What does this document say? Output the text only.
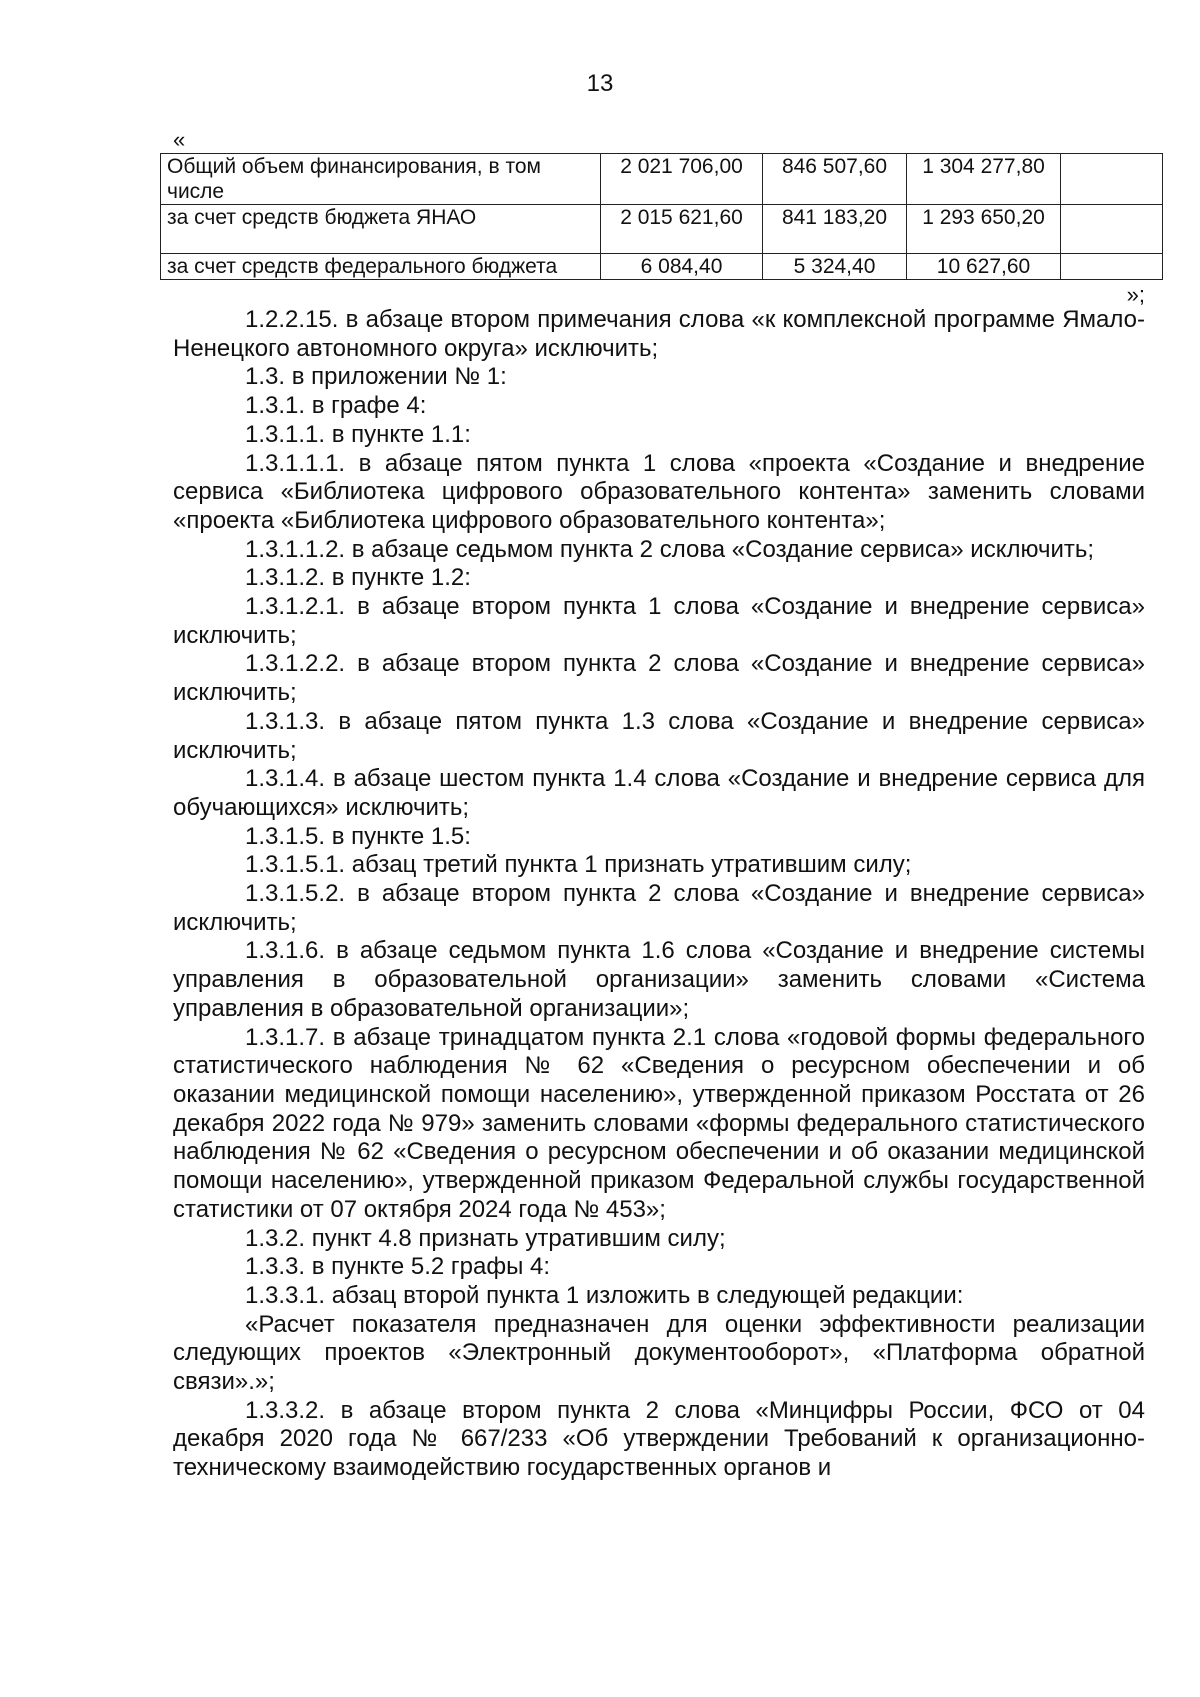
13
«
Общий объем финансирования, в том числе	2 021 706,00	846 507,60	1 304 277,80	
за счет средств бюджета ЯНАО	2 015 621,60	841 183,20	1 293 650,20	
за счет средств федерального бюджета	6 084,40	5 324,40	10 627,60	
»;

1.2.2.15. в абзаце втором примечания слова «к комплексной программе Ямало-Ненецкого автономного округа» исключить;

1.3. в приложении № 1:

1.3.1. в графе 4:

1.3.1.1. в пункте 1.1:

1.3.1.1.1. в абзаце пятом пункта 1 слова «проекта «Создание и внедрение сервиса «Библиотека цифрового образовательного контента» заменить словами «проекта «Библиотека цифрового образовательного контента»;

1.3.1.1.2. в абзаце седьмом пункта 2 слова «Создание сервиса» исключить;

1.3.1.2. в пункте 1.2:

1.3.1.2.1. в абзаце втором пункта 1 слова «Создание и внедрение сервиса» исключить;

1.3.1.2.2. в абзаце втором пункта 2 слова «Создание и внедрение сервиса» исключить;

1.3.1.3. в абзаце пятом пункта 1.3 слова «Создание и внедрение сервиса» исключить;

1.3.1.4. в абзаце шестом пункта 1.4 слова «Создание и внедрение сервиса для обучающихся» исключить;

1.3.1.5. в пункте 1.5:

1.3.1.5.1. абзац третий пункта 1 признать утратившим силу;

1.3.1.5.2. в абзаце втором пункта 2 слова «Создание и внедрение сервиса» исключить;

1.3.1.6. в абзаце седьмом пункта 1.6 слова «Создание и внедрение системы управления в образовательной организации» заменить словами «Система управления в образовательной организации»;

1.3.1.7. в абзаце тринадцатом пункта 2.1 слова «годовой формы федерального статистического наблюдения № 62 «Сведения о ресурсном обеспечении и об оказании медицинской помощи населению», утвержденной приказом Росстата от 26 декабря 2022 года № 979» заменить словами «формы федерального статистического наблюдения № 62 «Сведения о ресурсном обеспечении и об оказании медицинской помощи населению», утвержденной приказом Федеральной службы государственной статистики от 07 октября 2024 года № 453»;

1.3.2. пункт 4.8 признать утратившим силу;

1.3.3. в пункте 5.2 графы 4:

1.3.3.1. абзац второй пункта 1 изложить в следующей редакции:

«Расчет показателя предназначен для оценки эффективности реализации следующих проектов «Электронный документооборот», «Платформа обратной связи».»;

1.3.3.2. в абзаце втором пункта 2 слова «Минцифры России, ФСО от 04 декабря 2020 года № 667/233 «Об утверждении Требований к организационно-техническому взаимодействию государственных органов и
